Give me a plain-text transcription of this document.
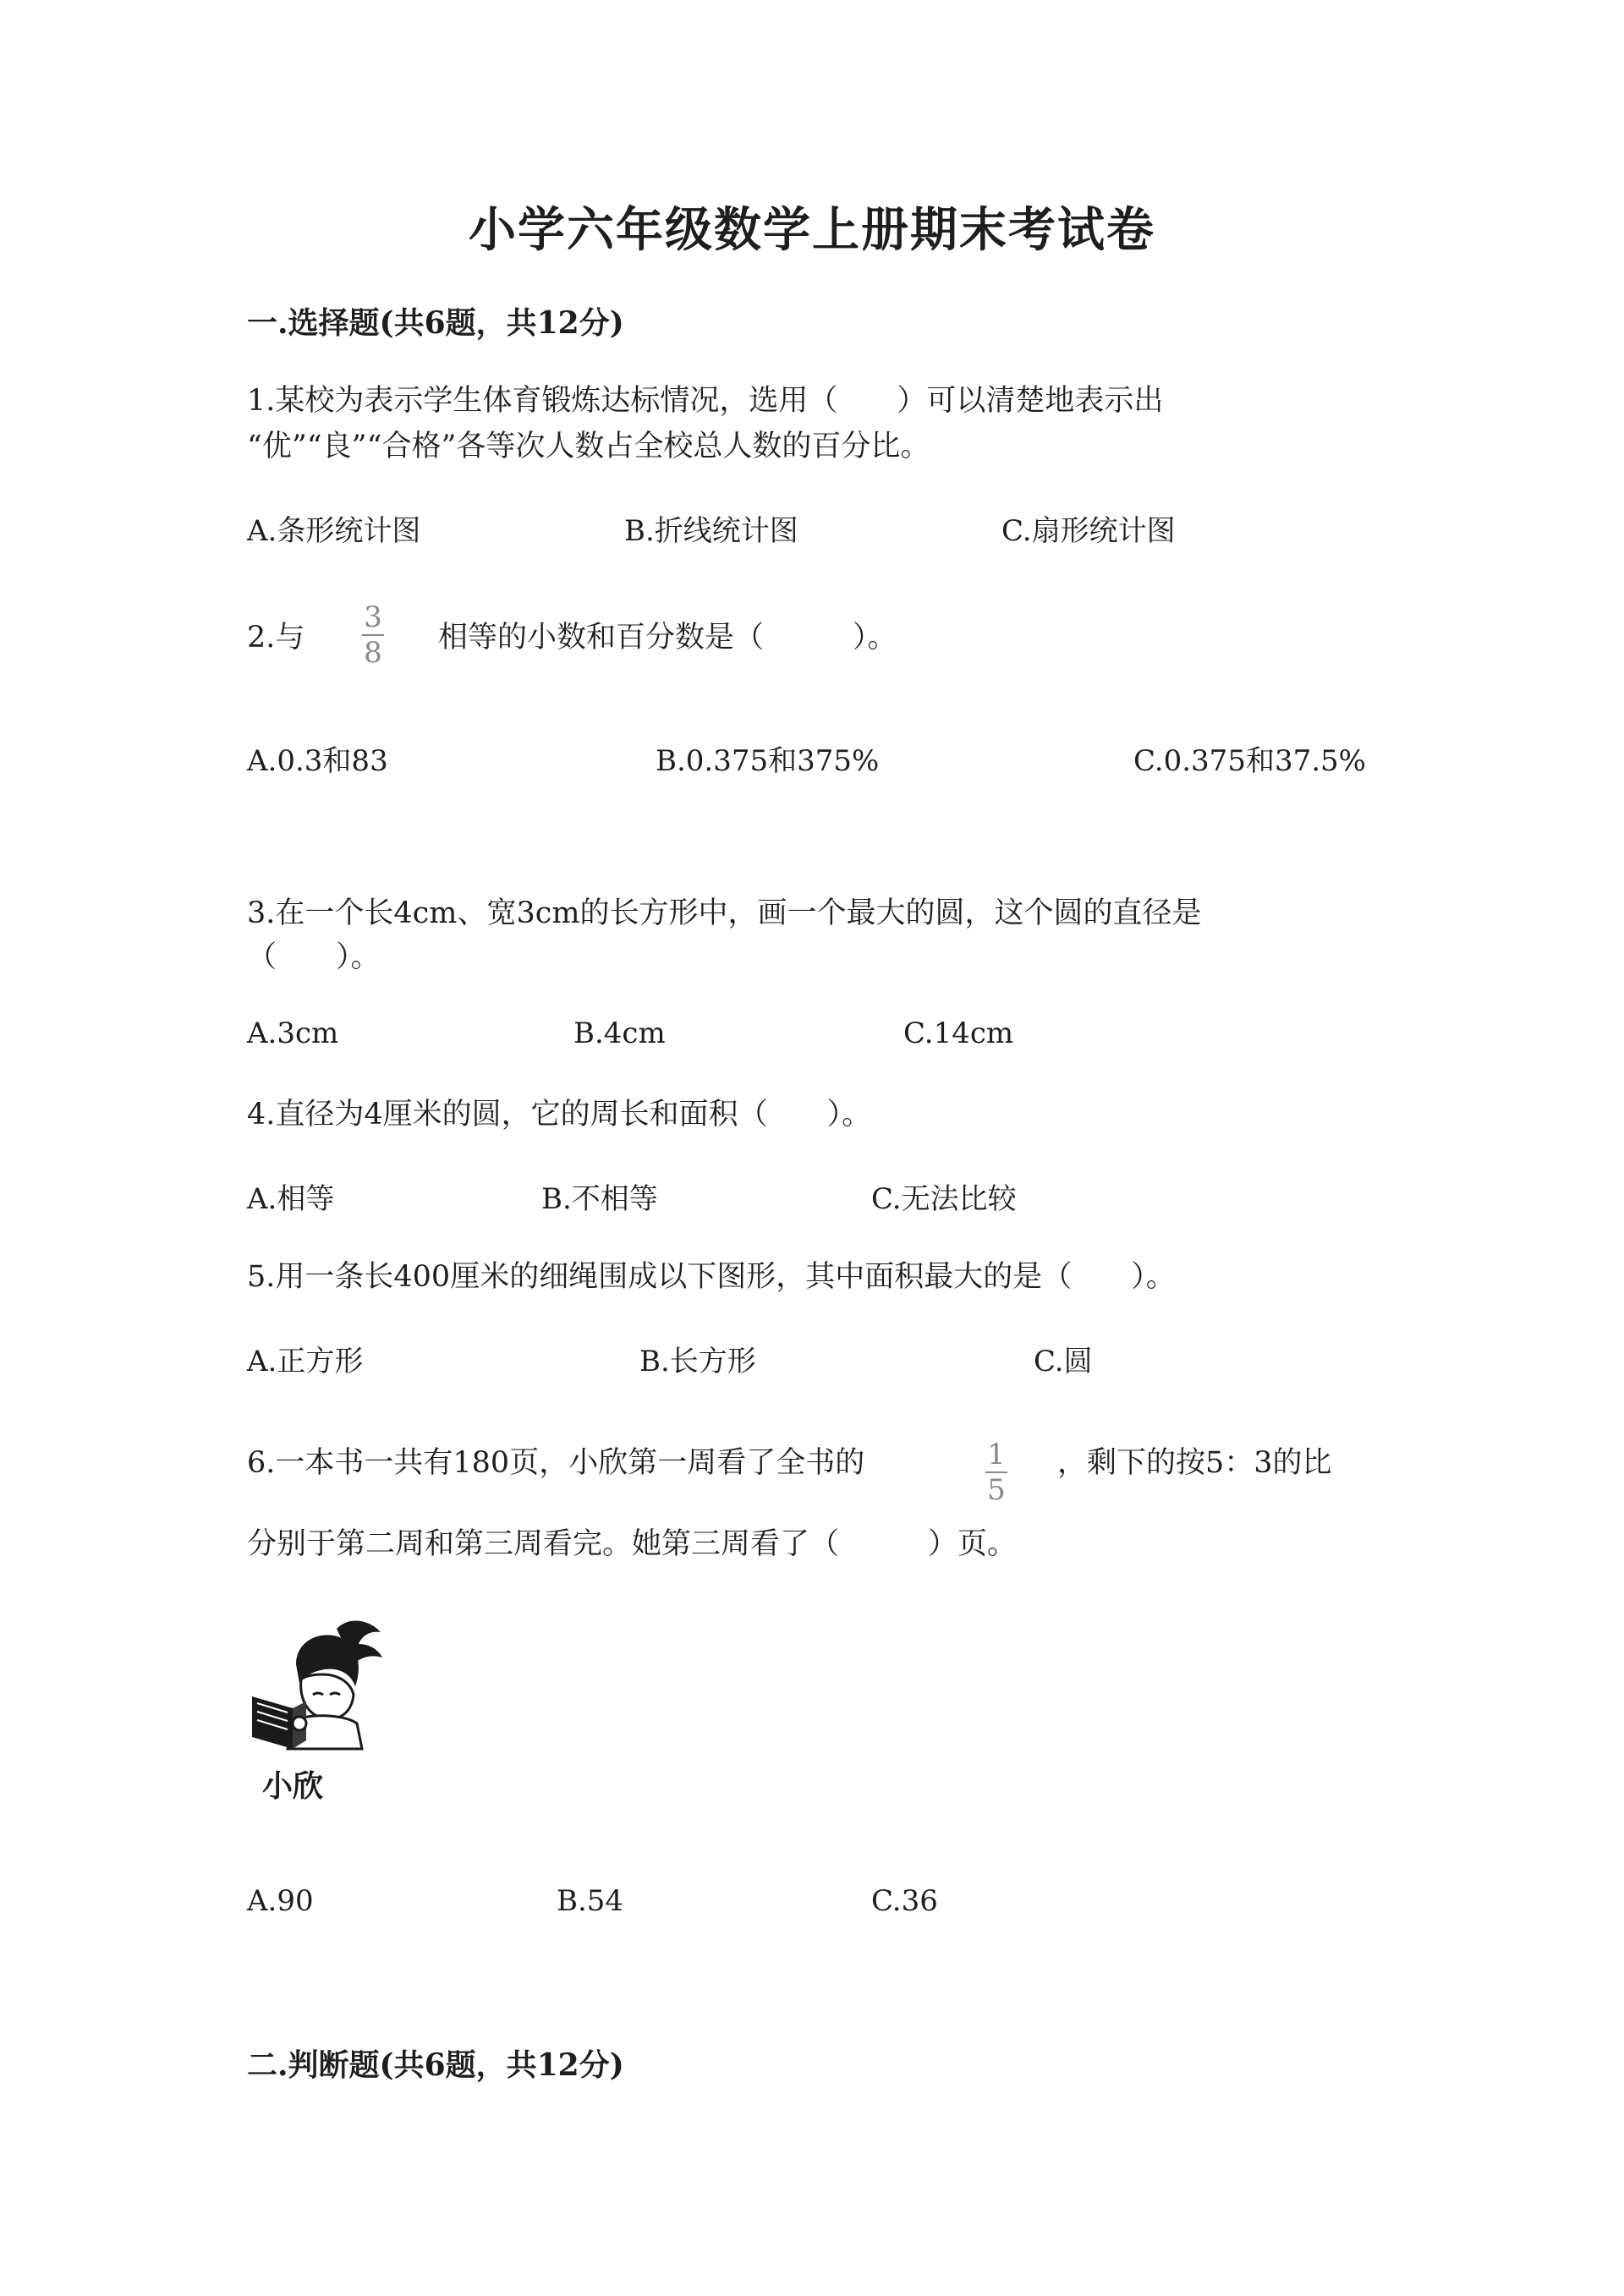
小学六年级数学上册期末考试卷
一.选择题(共6题，共12分)
1.某校为表示学生体育锻炼达标情况，选用（　　）可以清楚地表示出
“优”“良”“合格”各等次人数占全校总人数的百分比。
A.条形统计图	B.折线统计图	C.扇形统计图
2.与
3
8 相等的小数和百分数是（　　　）。
A.0.3和83	B.0.375和375%	C.0.375和37.5%
3.在一个长4cm、宽3cm的长方形中，画一个最大的圆，这个圆的直径是
（　　）。
A.3cm	B.4cm	C.14cm
4.直径为4厘米的圆，它的周长和面积（　　）。
A.相等	B.不相等	C.无法比较
5.用一条长400厘米的细绳围成以下图形，其中面积最大的是（　　）。
A.正方形	B.长方形	C.圆
6.一本书一共有180页，小欣第一周看了全书的	1
5
，剩下的按5：3的比
分别于第二周和第三周看完。她第三周看了（　　　）页。
小欣
A.90	B.54	C.36
二.判断题(共6题，共12分)
